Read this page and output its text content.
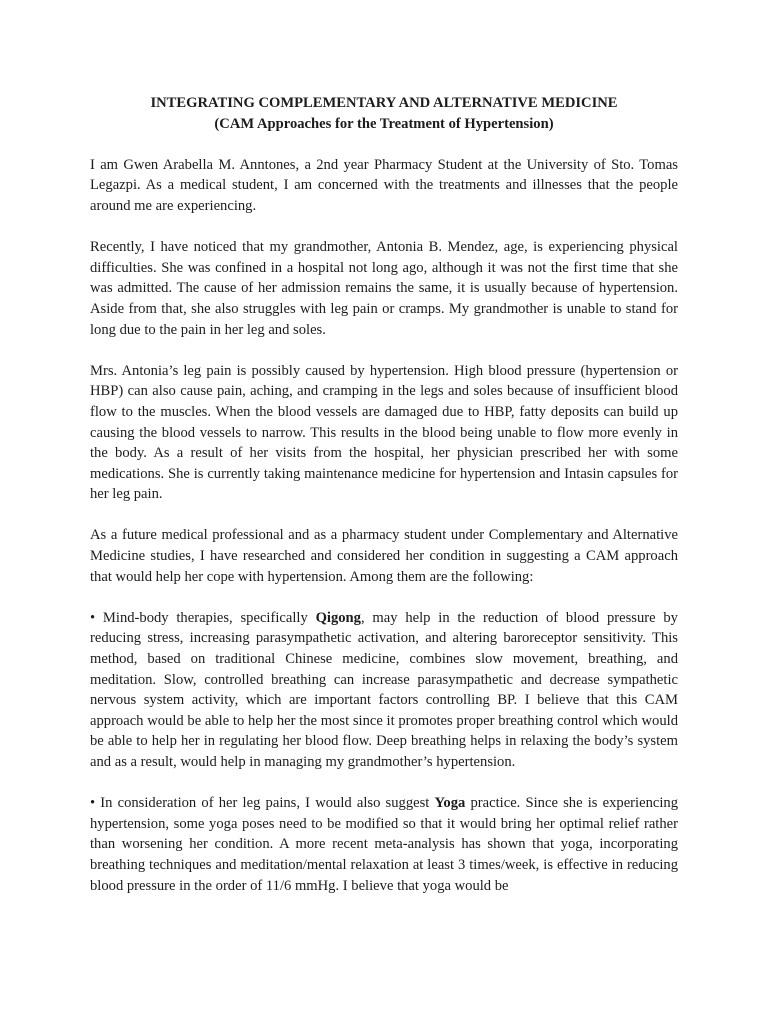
INTEGRATING COMPLEMENTARY AND ALTERNATIVE MEDICINE

(CAM Approaches for the Treatment of Hypertension)

I am Gwen Arabella M. Anntones, a 2nd year Pharmacy Student at the University of Sto. Tomas Legazpi. As a medical student, I am concerned with the treatments and illnesses that the people around me are experiencing.

Recently, I have noticed that my grandmother, Antonia B. Mendez, age, is experiencing physical difficulties. She was confined in a hospital not long ago, although it was not the first time that she was admitted. The cause of her admission remains the same, it is usually because of hypertension. Aside from that, she also struggles with leg pain or cramps. My grandmother is unable to stand for long due to the pain in her leg and soles.

Mrs. Antonia’s leg pain is possibly caused by hypertension. High blood pressure (hypertension or HBP) can also cause pain, aching, and cramping in the legs and soles because of insufficient blood flow to the muscles. When the blood vessels are damaged due to HBP, fatty deposits can build up causing the blood vessels to narrow. This results in the blood being unable to flow more evenly in the body. As a result of her visits from the hospital, her physician prescribed her with some medications. She is currently taking maintenance medicine for hypertension and Intasin capsules for her leg pain.

As a future medical professional and as a pharmacy student under Complementary and Alternative Medicine studies, I have researched and considered her condition in suggesting a CAM approach that would help her cope with hypertension. Among them are the following:

• Mind-body therapies, specifically Qigong, may help in the reduction of blood pressure by reducing stress, increasing parasympathetic activation, and altering baroreceptor sensitivity. This method, based on traditional Chinese medicine, combines slow movement, breathing, and meditation. Slow, controlled breathing can increase parasympathetic and decrease sympathetic nervous system activity, which are important factors controlling BP. I believe that this CAM approach would be able to help her the most since it promotes proper breathing control which would be able to help her in regulating her blood flow. Deep breathing helps in relaxing the body’s system and as a result, would help in managing my grandmother’s hypertension.

• In consideration of her leg pains, I would also suggest Yoga practice. Since she is experiencing hypertension, some yoga poses need to be modified so that it would bring her optimal relief rather than worsening her condition. A more recent meta-analysis has shown that yoga, incorporating breathing techniques and meditation/mental relaxation at least 3 times/week, is effective in reducing blood pressure in the order of 11/6 mmHg. I believe that yoga would be
